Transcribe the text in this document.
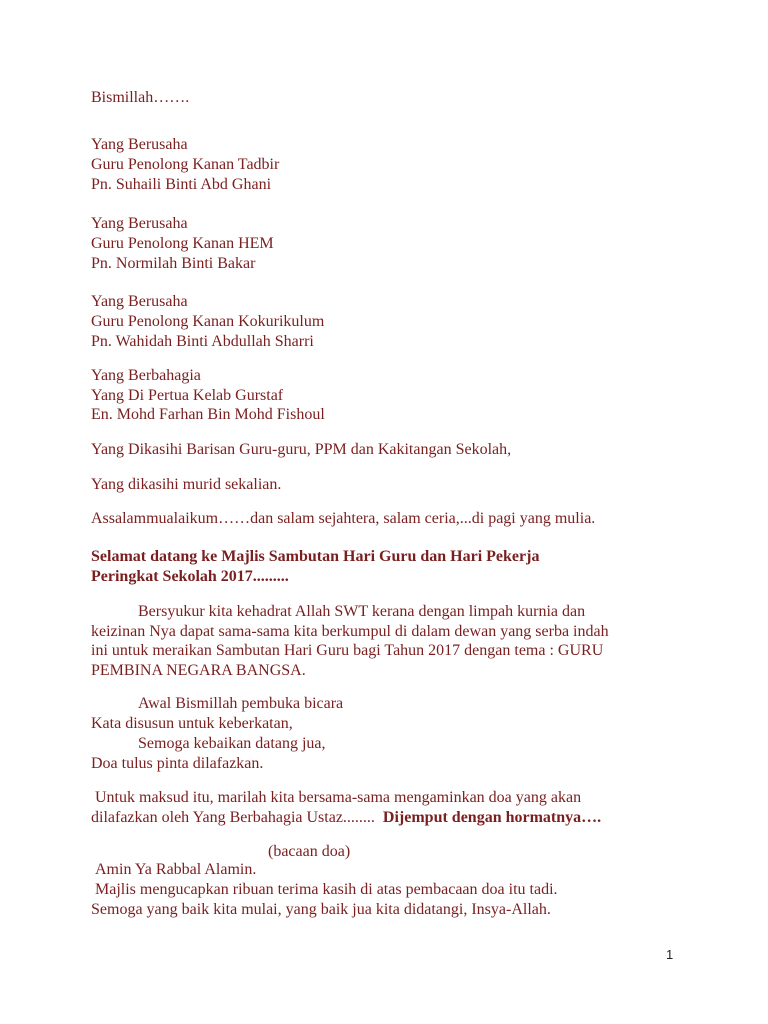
Bismillah…….

Yang Berusaha

Guru Penolong Kanan Tadbir

Pn. Suhaili Binti Abd Ghani

Yang Berusaha

Guru Penolong Kanan HEM

Pn. Normilah Binti Bakar

Yang Berusaha

Guru Penolong Kanan Kokurikulum

Pn. Wahidah Binti Abdullah Sharri

Yang Berbahagia

Yang Di Pertua Kelab Gurstaf

En. Mohd Farhan Bin Mohd Fishoul

Yang Dikasihi Barisan Guru-guru, PPM dan Kakitangan Sekolah,

Yang dikasihi murid sekalian.

Assalammualaikum……dan salam sejahtera, salam ceria,...di pagi yang mulia.

Selamat datang ke Majlis Sambutan Hari Guru dan Hari Pekerja

Peringkat Sekolah 2017.........

Bersyukur kita kehadrat Allah SWT kerana dengan limpah kurnia dan

keizinan Nya dapat sama-sama kita berkumpul di dalam dewan yang serba indah

ini untuk meraikan Sambutan Hari Guru bagi Tahun 2017 dengan tema : GURU

PEMBINA NEGARA BANGSA.

Awal Bismillah pembuka bicara

Kata disusun untuk keberkatan,

Semoga kebaikan datang jua,

Doa tulus pinta dilafazkan.

Untuk maksud itu, marilah kita bersama-sama mengaminkan doa yang akan

dilafazkan oleh Yang Berbahagia Ustaz........ Dijemput dengan hormatnya….

(bacaan doa)

Amin Ya Rabbal Alamin.

Majlis mengucapkan ribuan terima kasih di atas pembacaan doa itu tadi.

Semoga yang baik kita mulai, yang baik jua kita didatangi, Insya-Allah.

1
